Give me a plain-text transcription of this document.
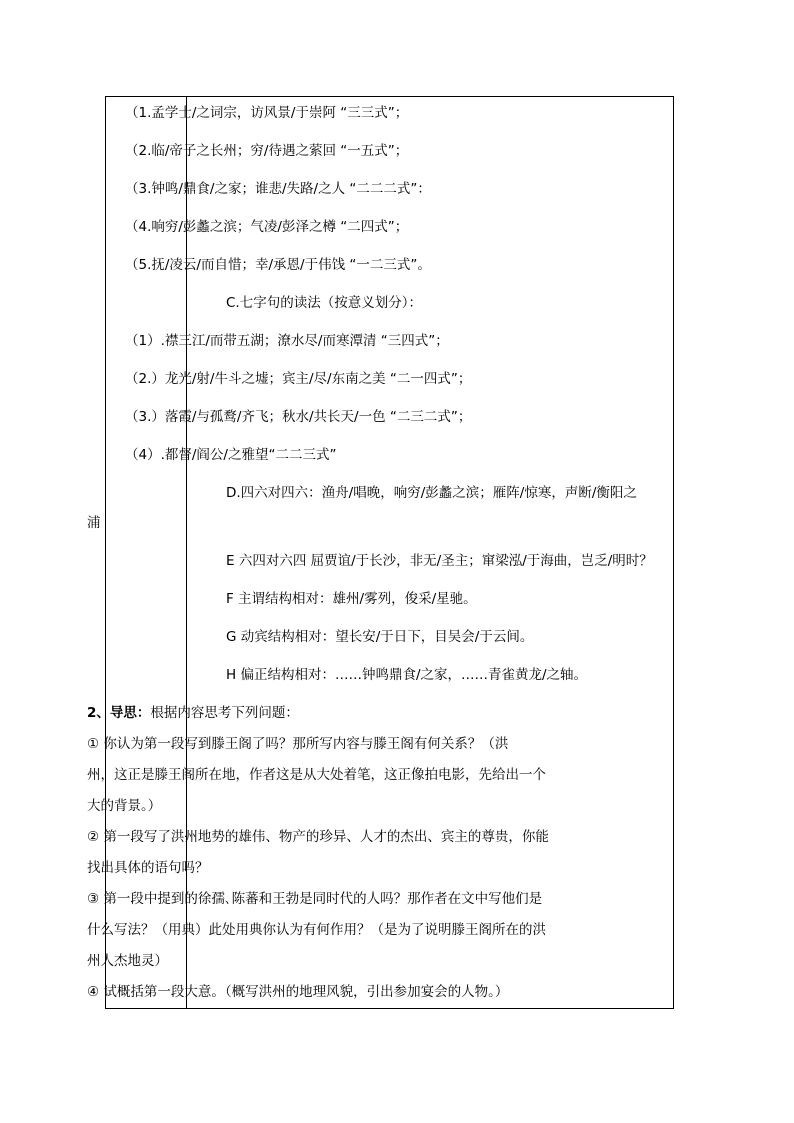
（1.孟学士/之词宗，访风景/于崇阿 “三三式”；
（2.临/帝子之长州；穷/待遇之萦回 “一五式”；
（3.钟鸣/鼎食/之家；谁悲/失路/之人 “二二二式”：
（4.响穷/彭蠡之滨；气凌/彭泽之樽 “二四式”；
（5.抚/凌云/而自惜；幸/承恩/于伟饯 “一二三式”。
C.七字句的读法（按意义划分）：
（1）.襟三江/而带五湖；潦水尽/而寒潭清 “三四式”；
（2.）龙光/射/牛斗之墟；宾主/尽/东南之美 “二一四式”；
（3.）落霞/与孤鹜/齐飞；秋水/共长天/一色 “二三二式”；
（4）.都督/阎公/之雅望“二二三式”
D.四六对四六：渔舟/唱晚，响穷/彭蠡之滨；雁阵/惊寒，声断/衡阳之
浦
E 六四对六四 屈贾谊/于长沙，非无/圣主；窜梁泓/于海曲，岂乏/明时？
F 主谓结构相对：雄州/雾列，俊采/星驰。
G 动宾结构相对：望长安/于日下，目吴会/于云间。
H 偏正结构相对：……钟鸣鼎食/之家，……青雀黄龙/之轴。
2、导思：根据内容思考下列问题：
① 你认为第一段写到滕王阁了吗？那所写内容与滕王阁有何关系？（洪
州，这正是滕王阁所在地，作者这是从大处着笔，这正像拍电影，先给出一个
大的背景。）
② 第一段写了洪州地势的雄伟、物产的珍异、人才的杰出、宾主的尊贵，你能
找出具体的语句吗？
③ 第一段中提到的徐孺､陈蕃和王勃是同时代的人吗？那作者在文中写他们是
什么写法？（用典）此处用典你认为有何作用？（是为了说明滕王阁所在的洪
州人杰地灵）
④ 试概括第一段大意。（概写洪州的地理风貌，引出参加宴会的人物。）
